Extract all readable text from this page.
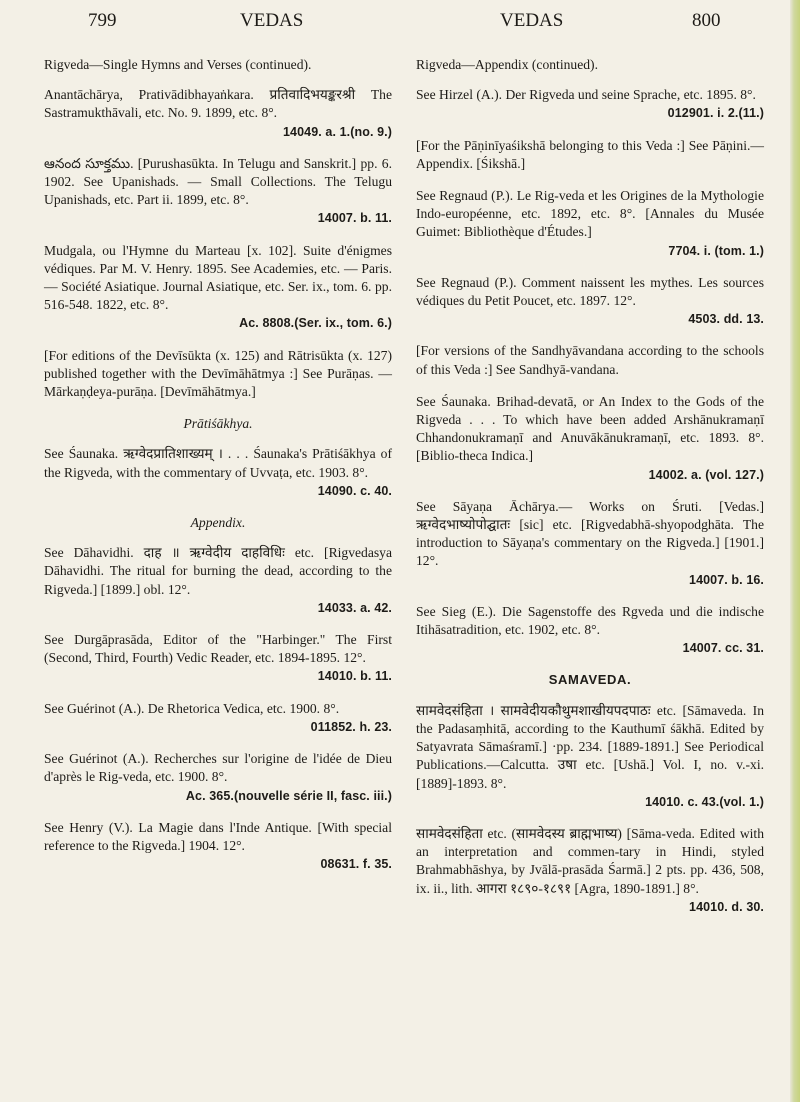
799	VEDAS	VEDAS	800
Rigveda—Single Hymns and Verses (continued).
Anantāchārya, Prativādibhayaṅkara. प्रतिवादिभयङ्करश्री The Sastramukthāvali, etc. No. 9. 1899, etc. 8°.
14049. a. 1.(no. 9.)
ఆనంద సూక్తము. [Purushasūkta. In Telugu and Sanskrit.] pp. 6. 1902. See Upanishads. — Small Collections. The Telugu Upanishads, etc. Part ii. 1899, etc. 8°.
14007. b. 11.
Mudgala, ou l'Hymne du Marteau [x. 102]. Suite d'énigmes védiques. Par M. V. Henry. 1895. See Academies, etc. — Paris. — Société Asiatique. Journal Asiatique, etc. Ser. ix., tom. 6. pp. 516-548. 1822, etc. 8°.
Ac. 8808.(Ser. ix., tom. 6.)
[For editions of the Devīsūkta (x. 125) and Rātrisūkta (x. 127) published together with the Devīmāhātmya :] See Purāṇas. — Mārkaṇḍeya-purāṇa. [Devīmāhātmya.]
Prātiśākhya.
See Śaunaka. ऋग्वेदप्रातिशाख्यम् । . . . Śaunaka's Prātiśākhya of the Rigveda, with the commentary of Uvvaṭa, etc. 1903. 8°.
14090. c. 40.
Appendix.
See Dāhavidhi. दाह ॥ ऋग्वेदीय दाहविधिः etc. [Rigvedasya Dāhavidhi. The ritual for burning the dead, according to the Rigveda.] [1899.] obl. 12°.
14033. a. 42.
See Durgāprasāda, Editor of the "Harbinger." The First (Second, Third, Fourth) Vedic Reader, etc. 1894-1895. 12°.
14010. b. 11.
See Guérinot (A.). De Rhetorica Vedica, etc. 1900. 8°.
011852. h. 23.
See Guérinot (A.). Recherches sur l'origine de l'idée de Dieu d'après le Rig-veda, etc. 1900. 8°.
Ac. 365.(nouvelle série II, fasc. iii.)
See Henry (V.). La Magie dans l'Inde Antique. [With special reference to the Rigveda.] 1904. 12°.
08631. f. 35.
Rigveda—Appendix (continued).
See Hirzel (A.). Der Rigveda und seine Sprache, etc. 1895. 8°.
012901. i. 2.(11.)
[For the Pāṇinīyaśikshā belonging to this Veda :] See Pāṇini.—Appendix. [Śikshā.]
See Regnaud (P.). Le Rig-veda et les Origines de la Mythologie Indo-européenne, etc. 1892, etc. 8°. [Annales du Musée Guimet: Bibliothèque d'Études.]
7704. i. (tom. 1.)
See Regnaud (P.). Comment naissent les mythes. Les sources védiques du Petit Poucet, etc. 1897. 12°.
4503. dd. 13.
[For versions of the Sandhyāvandana according to the schools of this Veda :] See Sandhyā-vandana.
See Śaunaka. Brihad-devatā, or An Index to the Gods of the Rigveda . . . To which have been added Arshānukramaṇī Chhandonukramaṇī and Anuvākānukramaṇī, etc. 1893. 8°. [Biblio-theca Indica.]
14002. a. (vol. 127.)
See Sāyaṇa Āchārya.— Works on Śruti. [Vedas.] ऋग्वेदभाष्योपोद्घातः [sic] etc. [Rigvedabhā-shyopodghāta. The introduction to Sāyaṇa's commentary on the Rigveda.] [1901.] 12°.
14007. b. 16.
See Sieg (E.). Die Sagenstoffe des Rgveda und die indische Itihāsatradition, etc. 1902, etc. 8°.
14007. cc. 31.
SAMAVEDA.
सामवेदसंहिता । सामवेदीयकौथुमशाखीयपदपाठः etc. [Sāmaveda. In the Padasaṃhitā, according to the Kauthumī śākhā. Edited by Satyavrata Sāmaśramī.] ·pp. 234. [1889-1891.] See Periodical Publications.—Calcutta. उषा etc. [Ushā.] Vol. I, no. v.-xi. [1889]-1893. 8°.
14010. c. 43.(vol. 1.)
सामवेदसंहिता etc. (सामवेदस्य ब्राह्मभाष्य) [Sāma-veda. Edited with an interpretation and commen-tary in Hindi, styled Brahmabhāshya, by Jvālā-prasāda Śarmā.] 2 pts. pp. 436, 508, ix. ii., lith. आगरा १८९०-१८९१ [Agra, 1890-1891.] 8°.
14010. d. 30.
